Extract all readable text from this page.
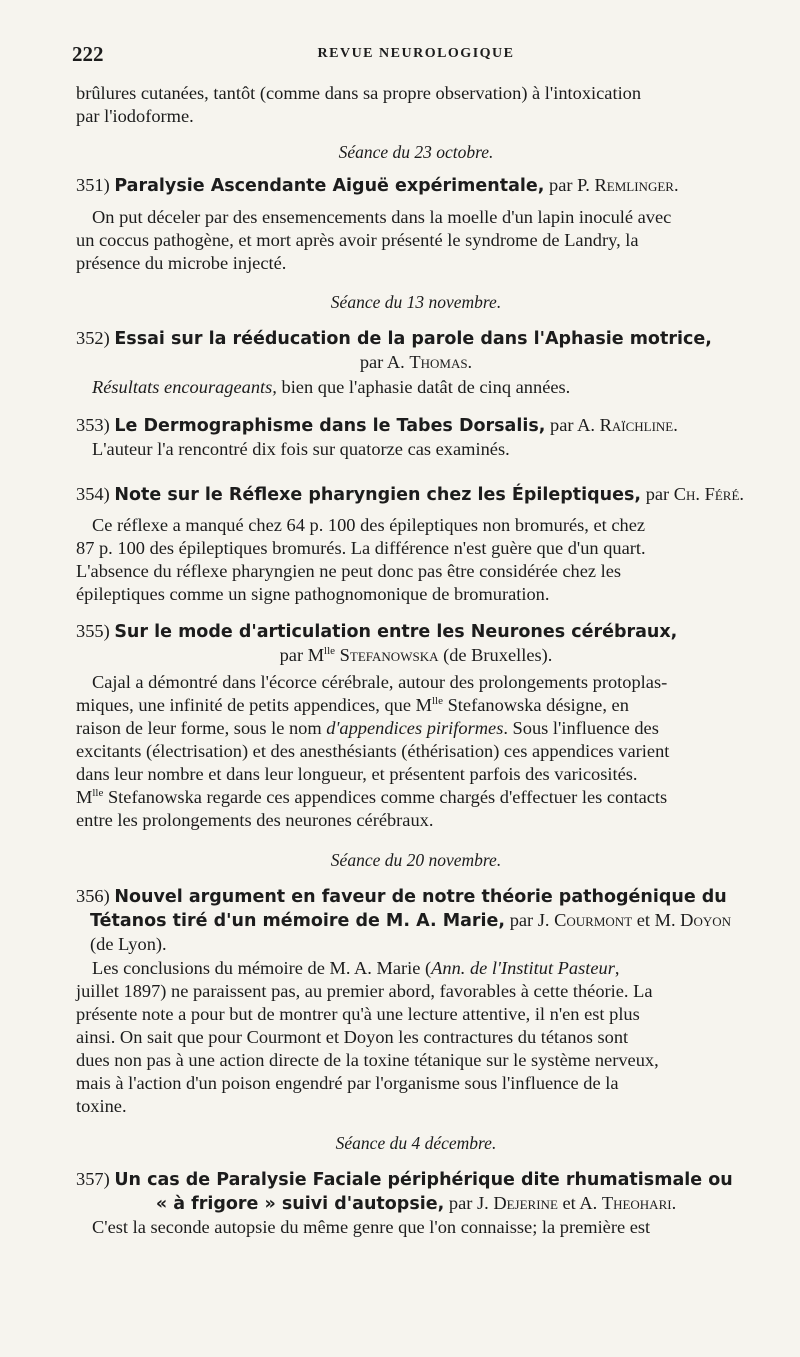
222	REVUE NEUROLOGIQUE

brûlures cutanées, tantôt (comme dans sa propre observation) à l'intoxication

par l'iodoforme.

Séance du 23 octobre.

351) Paralysie Ascendante Aiguë expérimentale, par P. Remlinger.

On put déceler par des ensemencements dans la moelle d'un lapin inoculé avec

un coccus pathogène, et mort après avoir présenté le syndrome de Landry, la

présence du microbe injecté.

Séance du 13 novembre.

352) Essai sur la rééducation de la parole dans l'Aphasie motrice,

par A. Thomas.

Résultats encourageants, bien que l'aphasie datât de cinq années.

353) Le Dermographisme dans le Tabes Dorsalis, par A. Raïchline.

L'auteur l'a rencontré dix fois sur quatorze cas examinés.

354) Note sur le Réflexe pharyngien chez les Épileptiques, par Ch. Féré.

Ce réflexe a manqué chez 64 p. 100 des épileptiques non bromurés, et chez

87 p. 100 des épileptiques bromurés. La différence n'est guère que d'un quart.

L'absence du réflexe pharyngien ne peut donc pas être considérée chez les

épileptiques comme un signe pathognomonique de bromuration.

355) Sur le mode d'articulation entre les Neurones cérébraux,

par $M^{lle}$ Stefanowska (de Bruxelles).

Cajal a démontré dans l'écorce cérébrale, autour des prolongements protoplas-

miques, une infinité de petits appendices, que $M^{lle}$ Stefanowska désigne, en

raison de leur forme, sous le nom d'appendices piriformes. Sous l'influence des

excitants (électrisation) et des anesthésiants (éthérisation) ces appendices varient

dans leur nombre et dans leur longueur, et présentent parfois des varicosités.

$M^{lle}$ Stefanowska regarde ces appendices comme chargés d'effectuer les contacts

entre les prolongements des neurones cérébraux.

Séance du 20 novembre.

356) Nouvel argument en faveur de notre théorie pathogénique du

Tétanos tiré d'un mémoire de M. A. Marie, par J. Courmont et M. Doyon

(de Lyon).

Les conclusions du mémoire de M. A. Marie (Ann. de l'Institut Pasteur,

juillet 1897) ne paraissent pas, au premier abord, favorables à cette théorie. La

présente note a pour but de montrer qu'à une lecture attentive, il n'en est plus

ainsi. On sait que pour Courmont et Doyon les contractures du tétanos sont

dues non pas à une action directe de la toxine tétanique sur le système nerveux,

mais à l'action d'un poison engendré par l'organisme sous l'influence de la

toxine.

Séance du 4 décembre.

357) Un cas de Paralysie Faciale périphérique dite rhumatismale ou

« à frigore » suivi d'autopsie, par J. Dejerine et A. Theohari.

C'est la seconde autopsie du même genre que l'on connaisse; la première est
